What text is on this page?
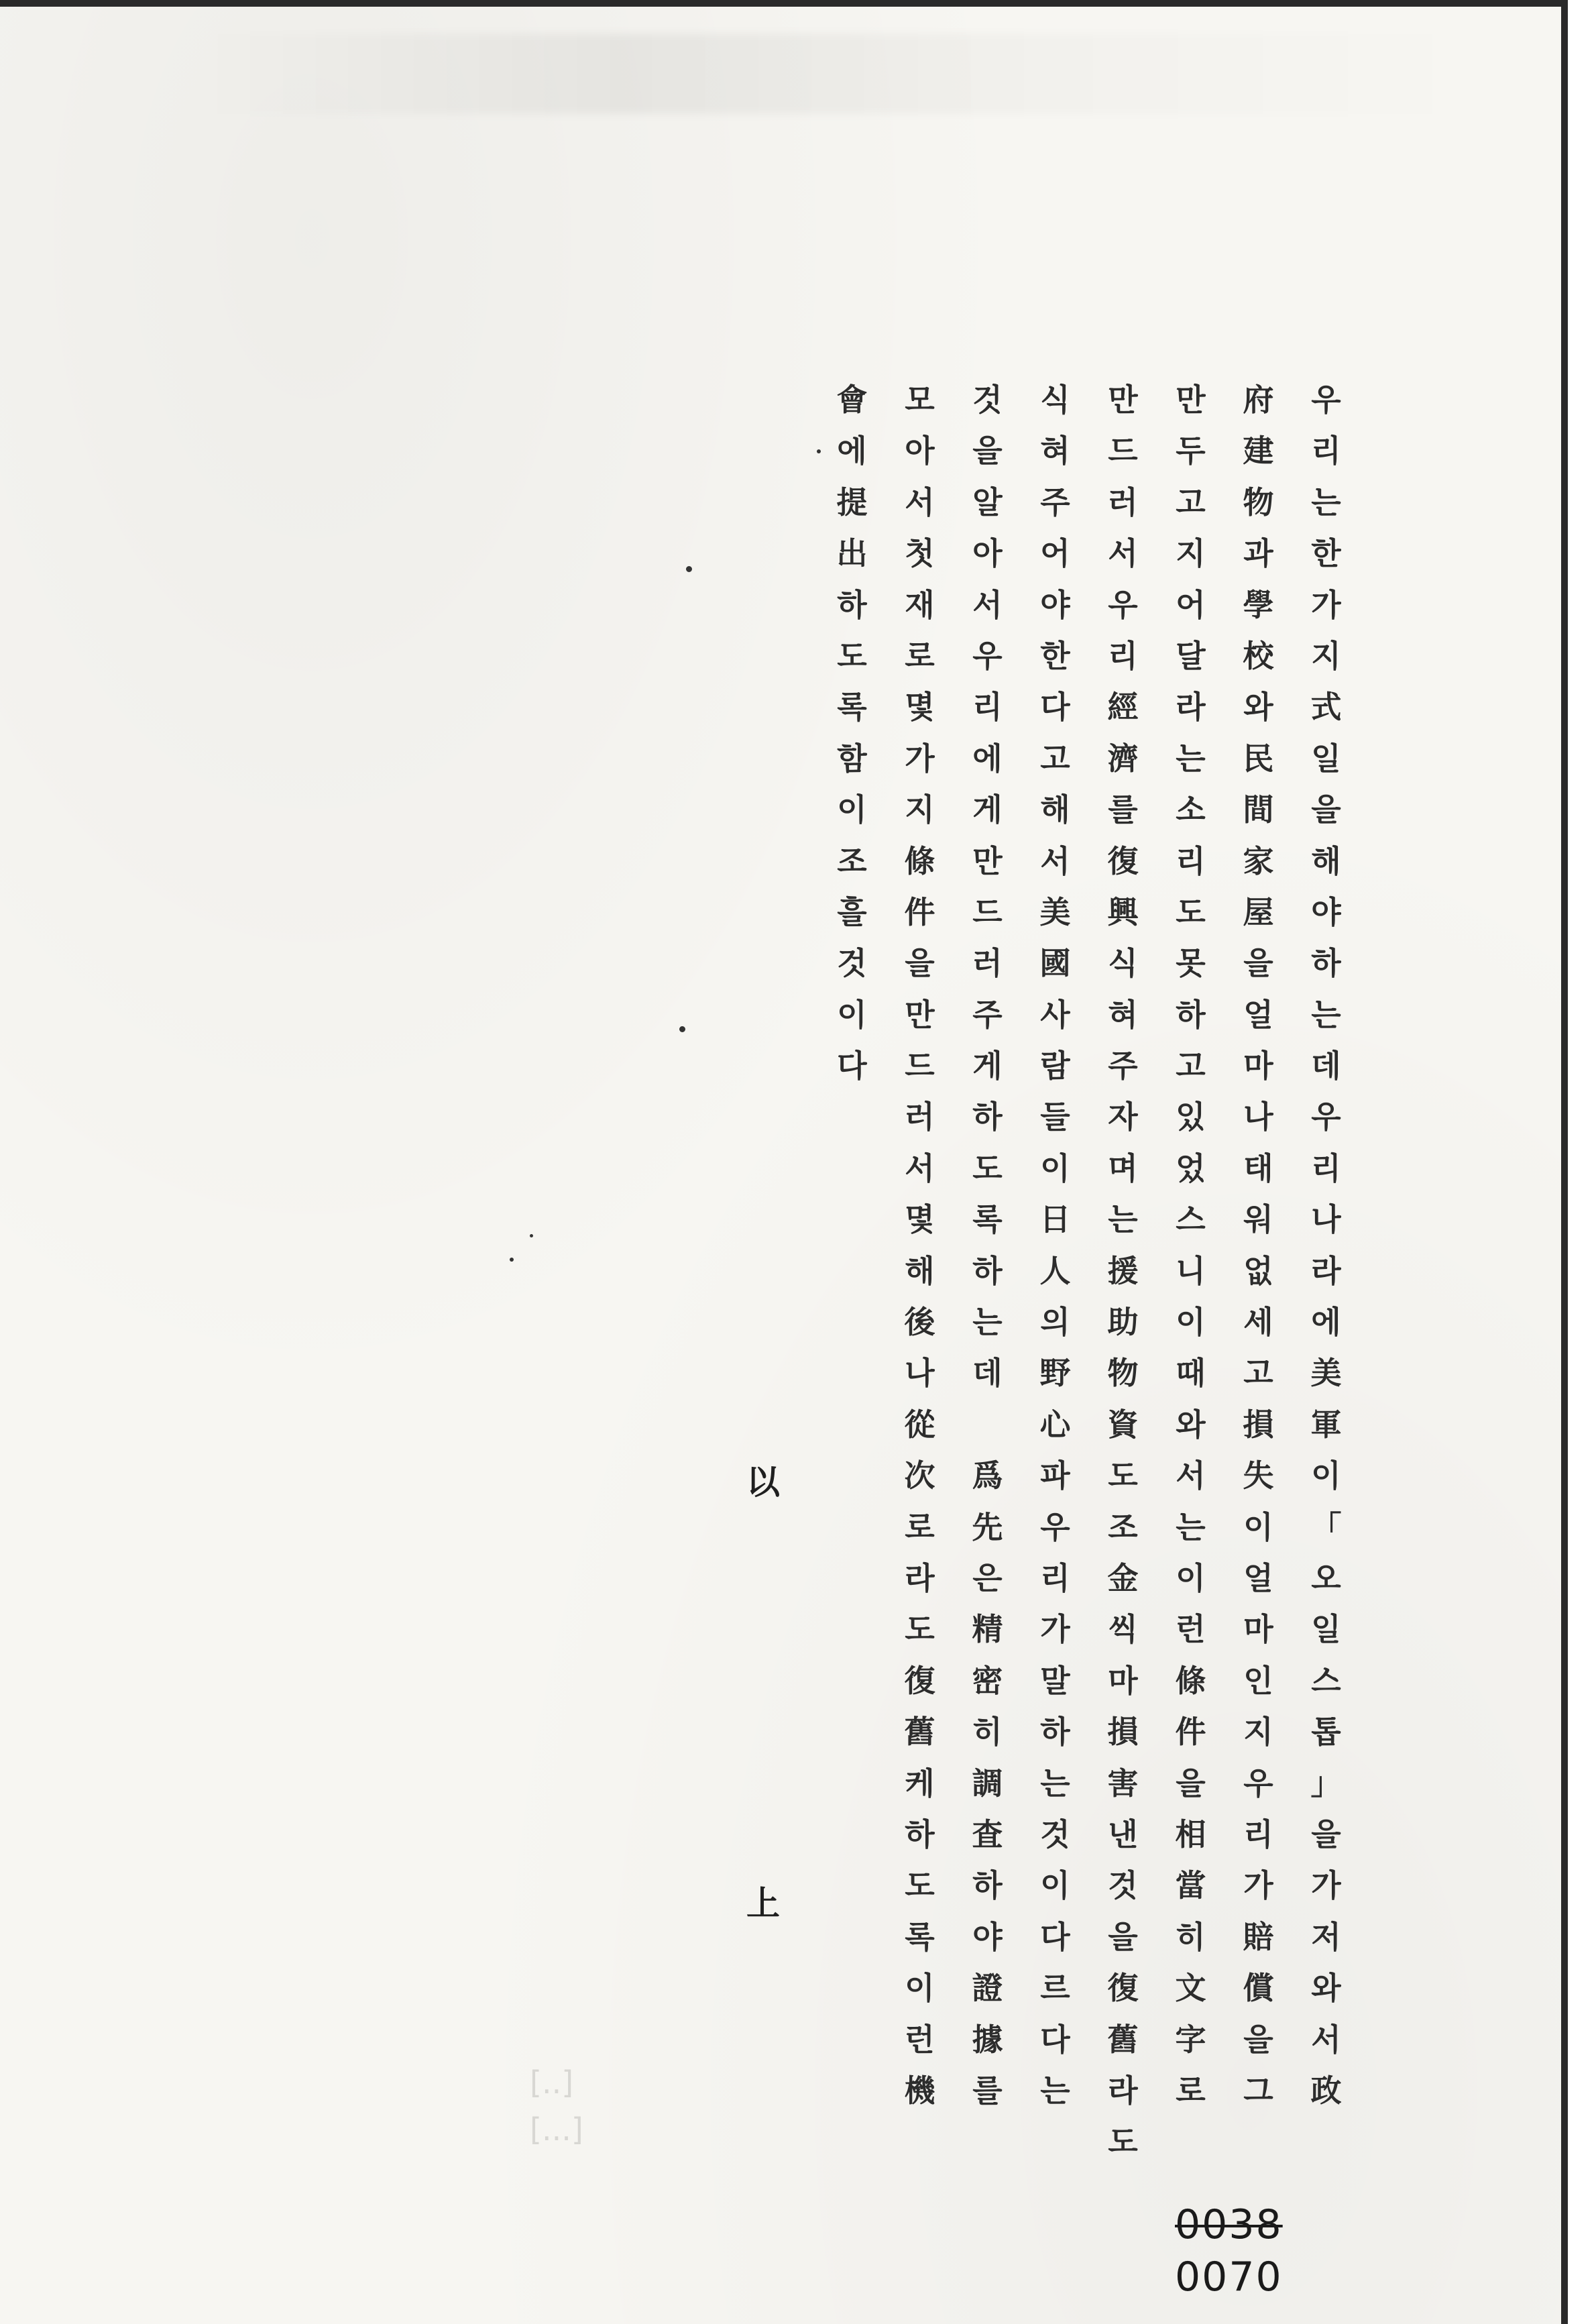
우
리
는
한
가
지
式
일
을
해
야
하
는
데
우
리
나
라
에
美
軍
이
「
오
일
스
톱
」
을
가
저
와
서
政
府
建
物
과
學
校
와
民
間
家
屋
을
얼
마
나
태
워
없
세
고
損
失
이
얼
마
인
지
우
리
가
賠
償
을
그
만
두
고
지
어
달
라
는
소
리
도
못
하
고
있
었
스
니
이
때
와
서
는
이
런
條
件
을
相
當
히
文
字
로
만
드
러
서
우
리
經
濟
를
復
興
식
혀
주
자
며
는
援
助
物
資
도
조
金
씩
마
損
害
낸
것
을
復
舊
라
도
식
혀
주
어
야
한
다
고
해
서
美
國
사
람
들
이
日
人
의
野
心
파
우
리
가
말
하
는
것
이
다
르
다
는
것
을
알
아
서
우
리
에
게
만
드
러
주
게
하
도
록
하
는
데
爲
先
은
精
密
히
調
査
하
야
證
據
를
모
아
서
첫
재
로
몇
가
지
條
件
을
만
드
러
서
몇
해
後
나
從
次
로
라
도
復
舊
케
하
도
록
이
런
機
會
에
提
出
하
도
록
함
이
조
흘
것
이
다
以
上
[..]
[...]
0038
0070
